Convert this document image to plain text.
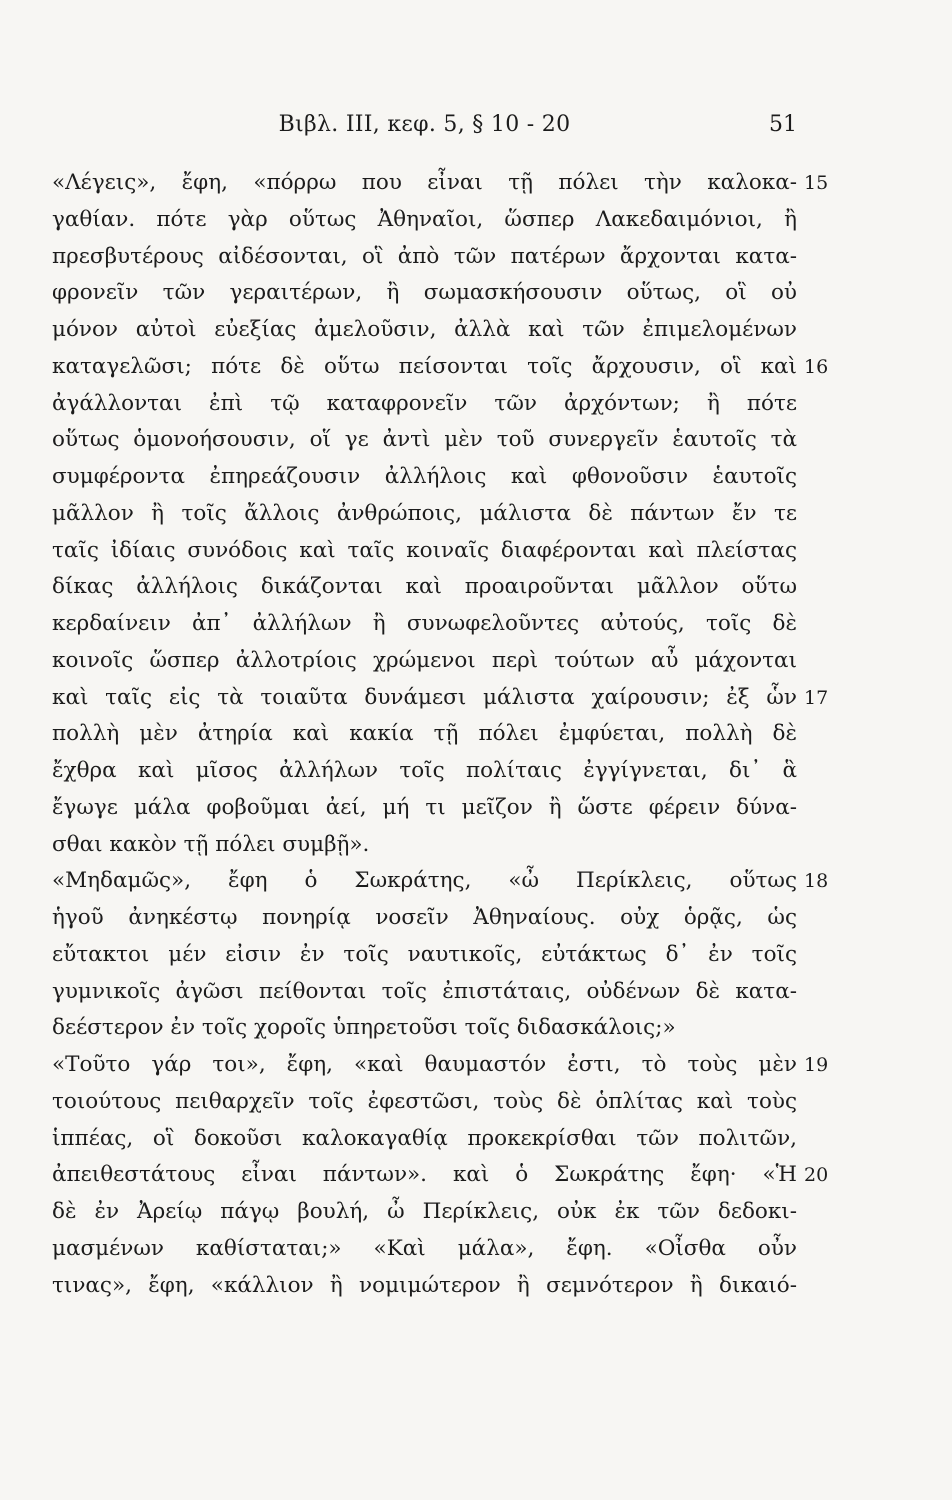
Βιβλ. ΙΙΙ, κεφ. 5, § 10 - 20	51
«Λέγεις», ἔφη, «πόρρω που εἶναι τῇ πόλει τὴν καλοκα- 15
γαθίαν. πότε γὰρ οὕτως Ἀθηναῖοι, ὥσπερ Λακεδαιμόνιοι, ἢ
πρεσβυτέρους αἰδέσονται, οἳ ἀπὸ τῶν πατέρων ἄρχονται κατα-
φρονεῖν τῶν γεραιτέρων, ἢ σωμασκήσουσιν οὕτως, οἳ οὐ
μόνον αὐτοὶ εὐεξίας ἀμελοῦσιν, ἀλλὰ καὶ τῶν ἐπιμελομένων
καταγελῶσι; πότε δὲ οὕτω πείσονται τοῖς ἄρχουσιν, οἳ καὶ 16
ἀγάλλονται ἐπὶ τῷ καταφρονεῖν τῶν ἀρχόντων; ἢ πότε
οὕτως ὁμονοήσουσιν, οἵ γε ἀντὶ μὲν τοῦ συνεργεῖν ἑαυτοῖς τὰ
συμφέροντα ἐπηρεάζουσιν ἀλλήλοις καὶ φθονοῦσιν ἑαυτοῖς
μᾶλλον ἢ τοῖς ἄλλοις ἀνθρώποις, μάλιστα δὲ πάντων ἔν τε
ταῖς ἰδίαις συνόδοις καὶ ταῖς κοιναῖς διαφέρονται καὶ πλείστας
δίκας ἀλλήλοις δικάζονται καὶ προαιροῦνται μᾶλλον οὕτω
κερδαίνειν ἀπ᾽ ἀλλήλων ἢ συνωφελοῦντες αὐτούς, τοῖς δὲ
κοινοῖς ὥσπερ ἀλλοτρίοις χρώμενοι περὶ τούτων αὖ μάχονται
καὶ ταῖς εἰς τὰ τοιαῦτα δυνάμεσι μάλιστα χαίρουσιν; ἐξ ὧν 17
πολλὴ μὲν ἀτηρία καὶ κακία τῇ πόλει ἐμφύεται, πολλὴ δὲ
ἔχθρα καὶ μῖσος ἀλλήλων τοῖς πολίταις ἐγγίγνεται, δι᾽ ἃ
ἔγωγε μάλα φοβοῦμαι ἀεί, μή τι μεῖζον ἢ ὥστε φέρειν δύνα-
σθαι κακὸν τῇ πόλει συμβῇ».
«Μηδαμῶς», ἔφη ὁ Σωκράτης, «ὦ Περίκλεις, οὕτως 18
ἡγοῦ ἀνηκέστῳ πονηρίᾳ νοσεῖν Ἀθηναίους. οὐχ ὁρᾷς, ὡς
εὔτακτοι μέν εἰσιν ἐν τοῖς ναυτικοῖς, εὐτάκτως δ᾽ ἐν τοῖς
γυμνικοῖς ἀγῶσι πείθονται τοῖς ἐπιστάταις, οὐδένων δὲ κατα-
δεέστερον ἐν τοῖς χοροῖς ὑπηρετοῦσι τοῖς διδασκάλοις;»
«Τοῦτο γάρ τοι», ἔφη, «καὶ θαυμαστόν ἐστι, τὸ τοὺς μὲν 19
τοιούτους πειθαρχεῖν τοῖς ἐφεστῶσι, τοὺς δὲ ὁπλίτας καὶ τοὺς
ἱππέας, οἳ δοκοῦσι καλοκαγαθίᾳ προκεκρίσθαι τῶν πολιτῶν,
ἀπειθεστάτους εἶναι πάντων». καὶ ὁ Σωκράτης ἔφη· «Ἡ 20
δὲ ἐν Ἀρείῳ πάγῳ βουλή, ὦ Περίκλεις, οὐκ ἐκ τῶν δεδοκι-
μασμένων καθίσταται;» «Καὶ μάλα», ἔφη. «Οἶσθα οὖν
τινας», ἔφη, «κάλλιον ἢ νομιμώτερον ἢ σεμνότερον ἢ δικαιό-
